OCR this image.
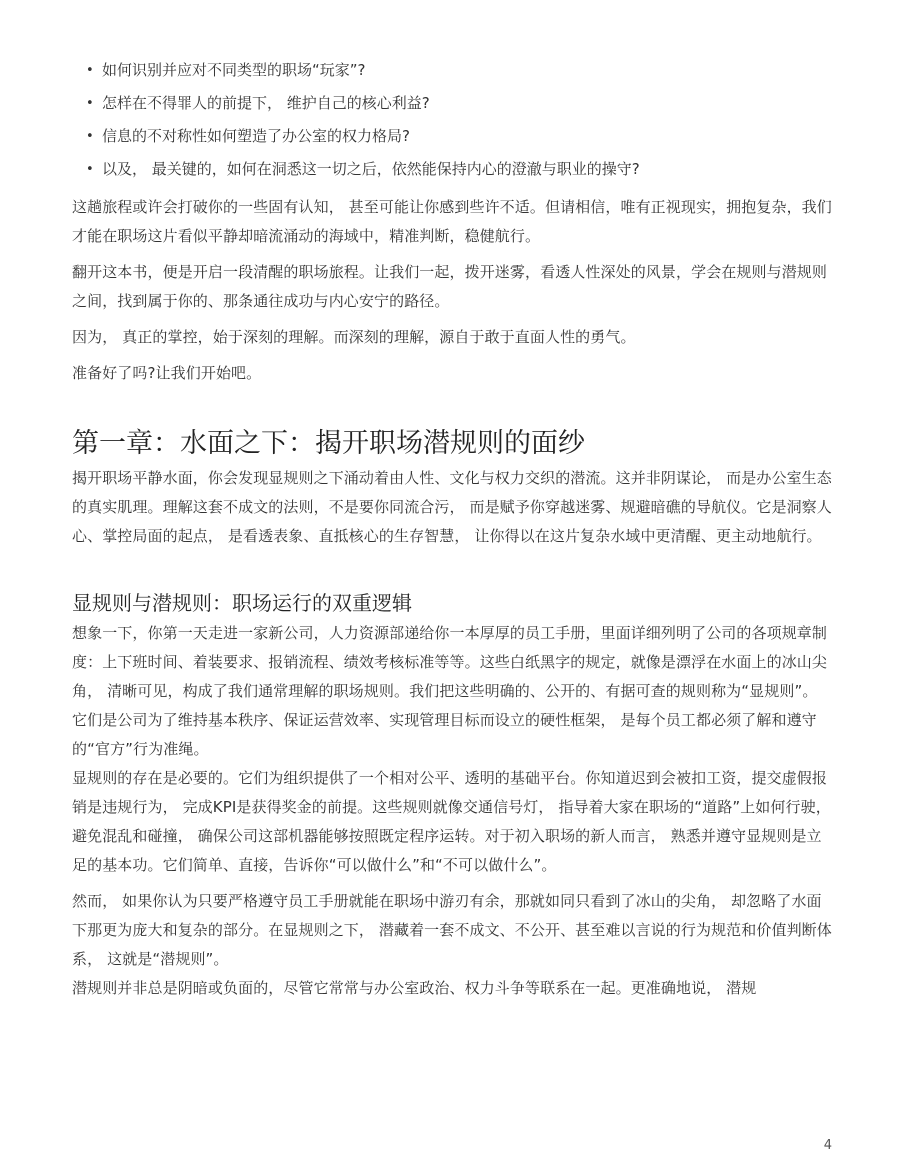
• 如何识别并应对不同类型的职场“玩家”?
• 怎样在不得罪人的前提下， 维护自己的核心利益?
• 信息的不对称性如何塑造了办公室的权力格局?
• 以及， 最关键的，如何在洞悉这一切之后，依然能保持内心的澄澈与职业的操守?

这趟旅程或许会打破你的一些固有认知， 甚至可能让你感到些许不适。但请相信，唯有正视现实，拥抱复杂，我们才能在职场这片看似平静却暗流涌动的海域中，精准判断，稳健航行。

翻开这本书，便是开启一段清醒的职场旅程。让我们一起，拨开迷雾，看透人性深处的风景，学会在规则与潜规则之间，找到属于你的、那条通往成功与内心安宁的路径。

因为， 真正的掌控，始于深刻的理解。而深刻的理解，源自于敢于直面人性的勇气。

准备好了吗?让我们开始吧。

第一章：水面之下：揭开职场潜规则的面纱

揭开职场平静水面，你会发现显规则之下涌动着由人性、文化与权力交织的潜流。这并非阴谋论， 而是办公室生态的真实肌理。理解这套不成文的法则，不是要你同流合污， 而是赋予你穿越迷雾、规避暗礁的导航仪。它是洞察人心、掌控局面的起点， 是看透表象、直抵核心的生存智慧， 让你得以在这片复杂水域中更清醒、更主动地航行。

显规则与潜规则：职场运行的双重逻辑

想象一下，你第一天走进一家新公司，人力资源部递给你一本厚厚的员工手册，里面详细列明了公司的各项规章制度：上下班时间、着装要求、报销流程、绩效考核标准等等。这些白纸黑字的规定，就像是漂浮在水面上的冰山尖角， 清晰可见，构成了我们通常理解的职场规则。我们把这些明确的、公开的、有据可查的规则称为“显规则”。它们是公司为了维持基本秩序、保证运营效率、实现管理目标而设立的硬性框架， 是每个员工都必须了解和遵守的“官方”行为准绳。

显规则的存在是必要的。它们为组织提供了一个相对公平、透明的基础平台。你知道迟到会被扣工资，提交虚假报销是违规行为， 完成KPI是获得奖金的前提。这些规则就像交通信号灯， 指导着大家在职场的“道路”上如何行驶， 避免混乱和碰撞， 确保公司这部机器能够按照既定程序运转。对于初入职场的新人而言， 熟悉并遵守显规则是立足的基本功。它们简单、直接，告诉你“可以做什么”和“不可以做什么”。

然而， 如果你认为只要严格遵守员工手册就能在职场中游刃有余，那就如同只看到了冰山的尖角， 却忽略了水面下那更为庞大和复杂的部分。在显规则之下， 潜藏着一套不成文、不公开、甚至难以言说的行为规范和价值判断体系， 这就是“潜规则”。

潜规则并非总是阴暗或负面的，尽管它常常与办公室政治、权力斗争等联系在一起。更准确地说， 潜规

4
